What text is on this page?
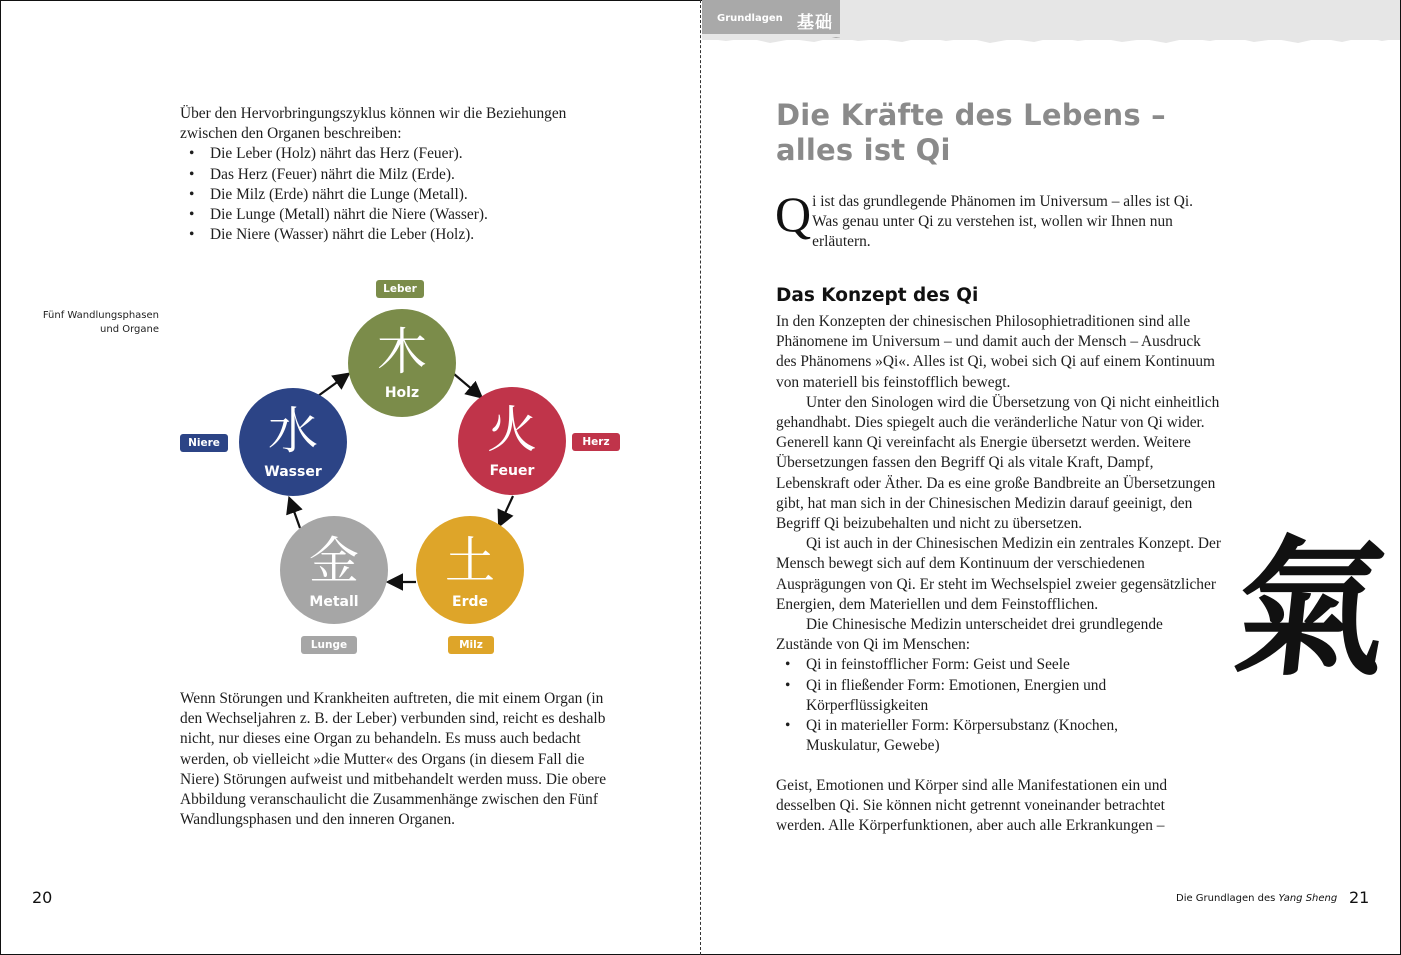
Über den Hervorbringungszyklus können wir die Beziehungen zwischen den Organen beschreiben:

• Die Leber (Holz) nährt das Herz (Feuer).
• Das Herz (Feuer) nährt die Milz (Erde).
• Die Milz (Erde) nährt die Lunge (Metall).
• Die Lunge (Metall) nährt die Niere (Wasser).
• Die Niere (Wasser) nährt die Leber (Holz).
Fünf Wandlungsphasen
und Organe	木
Holz
Leber
火
Feuer
Herz
土
Erde
Milz
金
Metall
Lunge
水
Wasser
Niere

Wenn Störungen und Krankheiten auftreten, die mit einem Organ (in den Wechseljahren z. B. der Leber) verbunden sind, reicht es deshalb nicht, nur dieses eine Organ zu behandeln. Es muss auch bedacht werden, ob vielleicht »die Mutter« des Organs (in diesem Fall die Niere) Störungen aufweist und mitbehandelt werden muss. Die obere Abbildung veranschaulicht die Zusammenhänge zwischen den Fünf Wandlungsphasen und den inneren Organen.

20
Grundlagen 基础
Die Kräfte des Lebens –
alles ist Qi
Q i ist das grundlegende Phänomen im Universum – alles ist Qi. Was genau unter Qi zu verstehen ist, wollen wir Ihnen nun erläutern.
Das Konzept des Qi

In den Konzepten der chinesischen Philosophietraditionen sind alle Phänomene im Universum – und damit auch der Mensch – Ausdruck des Phänomens »Qi«. Alles ist Qi, wobei sich Qi auf einem Kontinuum von materiell bis feinstofflich bewegt.

Unter den Sinologen wird die Übersetzung von Qi nicht einheitlich gehandhabt. Dies spiegelt auch die veränderliche Natur von Qi wider. Generell kann Qi vereinfacht als Energie übersetzt werden. Weitere Übersetzungen fassen den Begriff Qi als vitale Kraft, Dampf, Lebenskraft oder Äther. Da es eine große Bandbreite an Übersetzungen gibt, hat man sich in der Chinesischen Medizin darauf geeinigt, den Begriff Qi beizubehalten und nicht zu übersetzen.

Qi ist auch in der Chinesischen Medizin ein zentrales Konzept. Der Mensch bewegt sich auf dem Kontinuum der verschiedenen Ausprägungen von Qi. Er steht im Wechselspiel zweier gegensätzlicher Energien, dem Materiellen und dem Feinstofflichen.

Die Chinesische Medizin unterscheidet drei grundlegende Zustände von Qi im Menschen:

• Qi in feinstofflicher Form: Geist und Seele
• Qi in fließender Form: Emotionen, Energien und Körperflüssigkeiten
• Qi in materieller Form: Körpersubstanz (Knochen, Muskulatur, Gewebe)

Geist, Emotionen und Körper sind alle Manifestationen ein und desselben Qi. Sie können nicht getrennt voneinander betrachtet werden. Alle Körperfunktionen, aber auch alle Erkrankungen –

氣
Die Grundlagen des Yang Sheng 21
